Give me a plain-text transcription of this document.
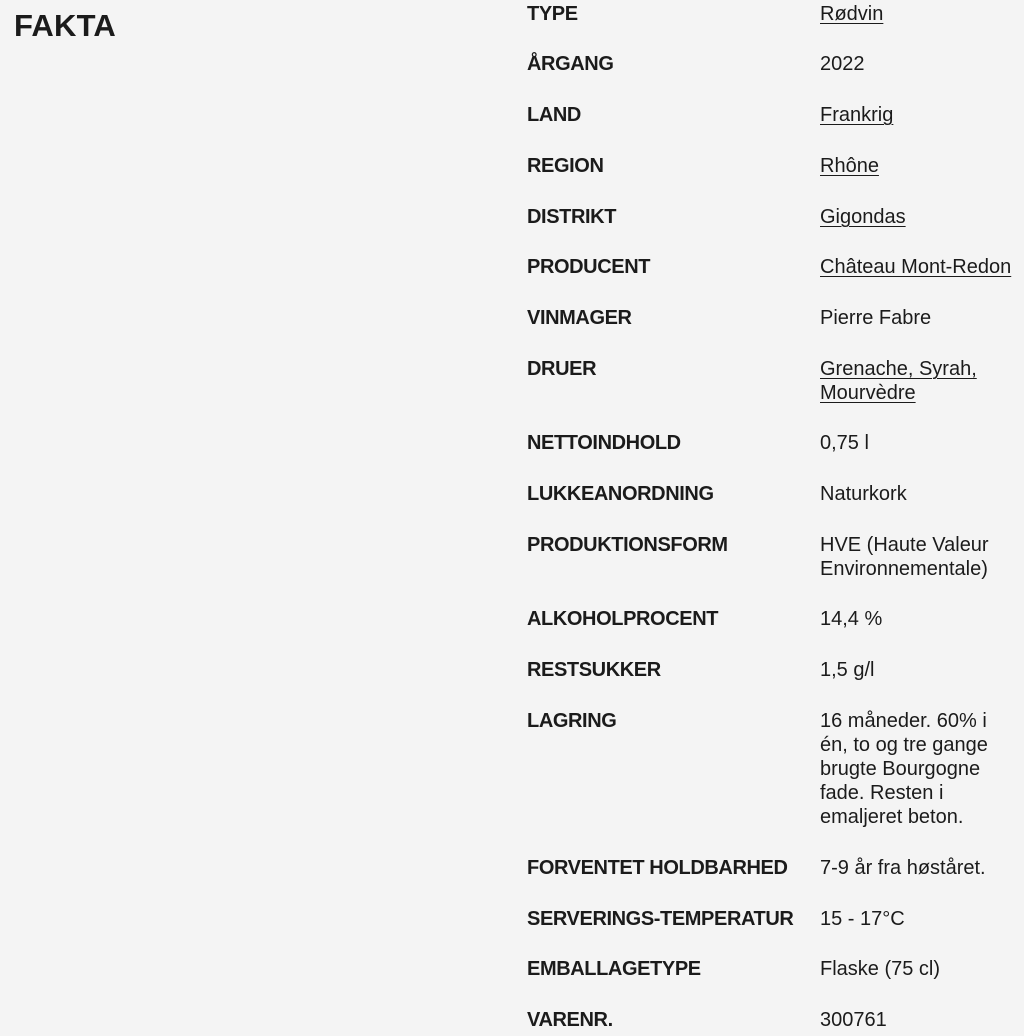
FAKTA	TYPE	Rødvin
ÅRGANG	2022
LAND	Frankrig
REGION	Rhône
DISTRIKT	Gigondas
PRODUCENT	Château Mont-Redon
VINMAGER	Pierre Fabre
DRUER	Grenache, Syrah,
Mourvèdre
NETTOINDHOLD	0,75 l
LUKKEANORDNING	Naturkork
PRODUKTIONSFORM	HVE (Haute Valeur
Environnementale)
ALKOHOLPROCENT	14,4 %
RESTSUKKER	1,5 g/l
LAGRING	16 måneder. 60% i
én, to og tre gange
brugte Bourgogne
fade. Resten i
emaljeret beton.
FORVENTET HOLDBARHED 7-9 år fra høståret.
SERVERINGS-TEMPERATUR 15 - 17°C
EMBALLAGETYPE	Flaske (75 cl)
VARENR.	300761
